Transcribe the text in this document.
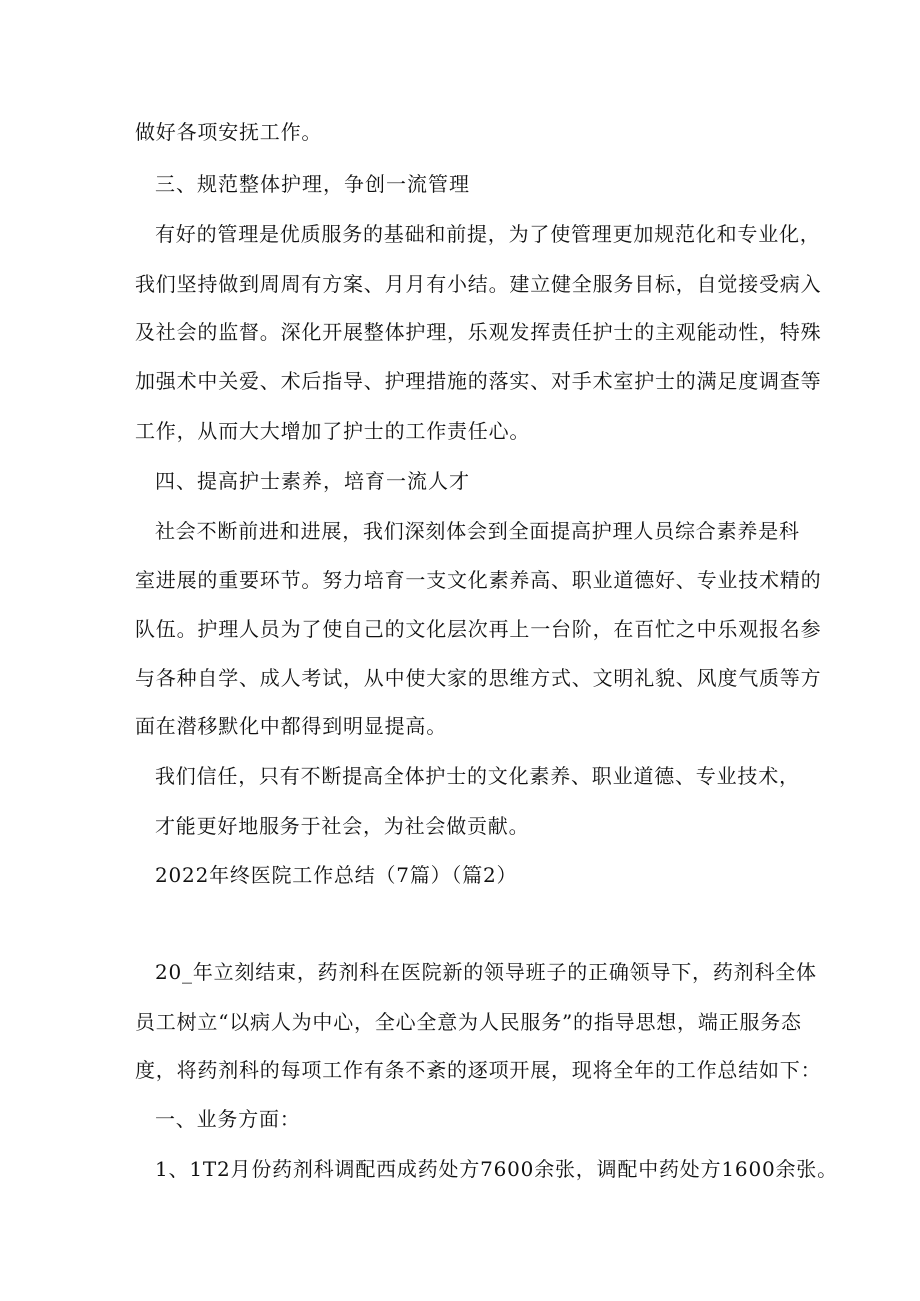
做好各项安抚工作。
三、规范整体护理，争创一流管理
有好的管理是优质服务的基础和前提，为了使管理更加规范化和专业化，
我们坚持做到周周有方案、月月有小结。建立健全服务目标，自觉接受病入
及社会的监督。深化开展整体护理，乐观发挥责任护士的主观能动性，特殊
加强术中关爱、术后指导、护理措施的落实、对手术室护士的满足度调查等
工作，从而大大增加了护士的工作责任心。
四、提高护士素养，培育一流人才
社会不断前进和进展，我们深刻体会到全面提高护理人员综合素养是科
室进展的重要环节。努力培育一支文化素养高、职业道德好、专业技术精的
队伍。护理人员为了使自己的文化层次再上一台阶，在百忙之中乐观报名参
与各种自学、成人考试，从中使大家的思维方式、文明礼貌、风度气质等方
面在潜移默化中都得到明显提高。
我们信任，只有不断提高全体护士的文化素养、职业道德、专业技术，
才能更好地服务于社会，为社会做贡献。
2022年终医院工作总结（7篇）（篇2）
20_年立刻结束，药剂科在医院新的领导班子的正确领导下，药剂科全体
员工树立“以病人为中心，全心全意为人民服务”的指导思想，端正服务态
度，将药剂科的每项工作有条不紊的逐项开展，现将全年的工作总结如下：
一、业务方面：
1、1T2月份药剂科调配西成药处方7600余张，调配中药处方1600余张。
